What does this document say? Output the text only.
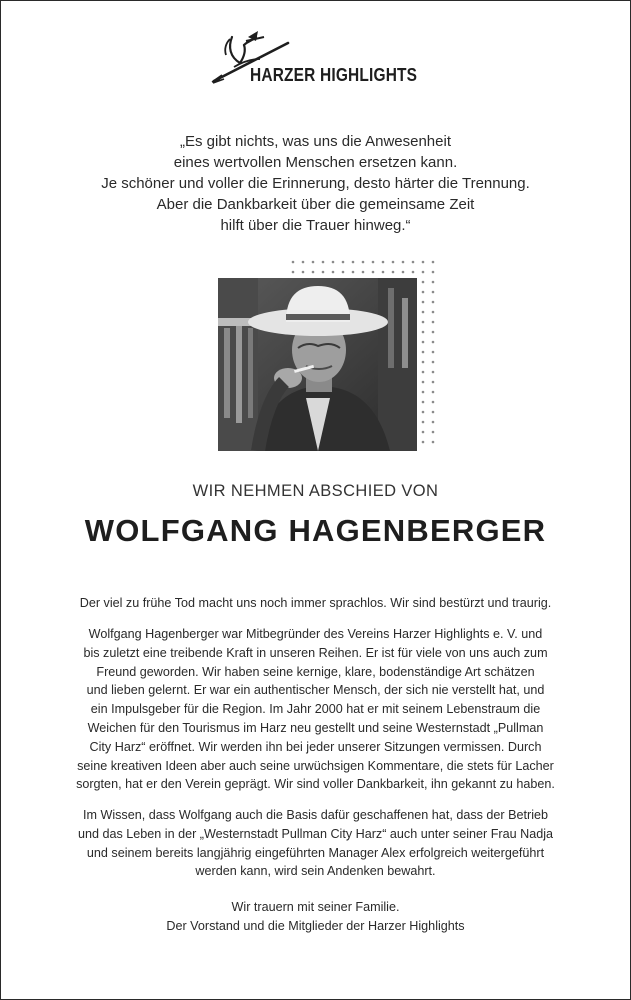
HARZER HIGHLIGHTS
„Es gibt nichts, was uns die Anwesenheit
eines wertvollen Menschen ersetzen kann.
Je schöner und voller die Erinnerung, desto härter die Trennung.
Aber die Dankbarkeit über die gemeinsame Zeit
hilft über die Trauer hinweg.“
WIR NEHMEN ABSCHIED VON
WOLFGANG HAGENBERGER
Der viel zu frühe Tod macht uns noch immer sprachlos. Wir sind bestürzt und traurig.
Wolfgang Hagenberger war Mitbegründer des Vereins Harzer Highlights e. V. und
bis zuletzt eine treibende Kraft in unseren Reihen. Er ist für viele von uns auch zum
Freund geworden. Wir haben seine kernige, klare, bodenständige Art schätzen
und lieben gelernt. Er war ein authentischer Mensch, der sich nie verstellt hat, und
ein Impulsgeber für die Region. Im Jahr 2000 hat er mit seinem Lebenstraum die
Weichen für den Tourismus im Harz neu gestellt und seine Westernstadt „Pullman
City Harz“ eröffnet. Wir werden ihn bei jeder unserer Sitzungen vermissen. Durch
seine kreativen Ideen aber auch seine urwüchsigen Kommentare, die stets für Lacher
sorgten, hat er den Verein geprägt. Wir sind voller Dankbarkeit, ihn gekannt zu haben.
Im Wissen, dass Wolfgang auch die Basis dafür geschaffenen hat, dass der Betrieb
und das Leben in der „Westernstadt Pullman City Harz“ auch unter seiner Frau Nadja
und seinem bereits langjährig eingeführten Manager Alex erfolgreich weitergeführt
werden kann, wird sein Andenken bewahrt.
Wir trauern mit seiner Familie.
Der Vorstand und die Mitglieder der Harzer Highlights
